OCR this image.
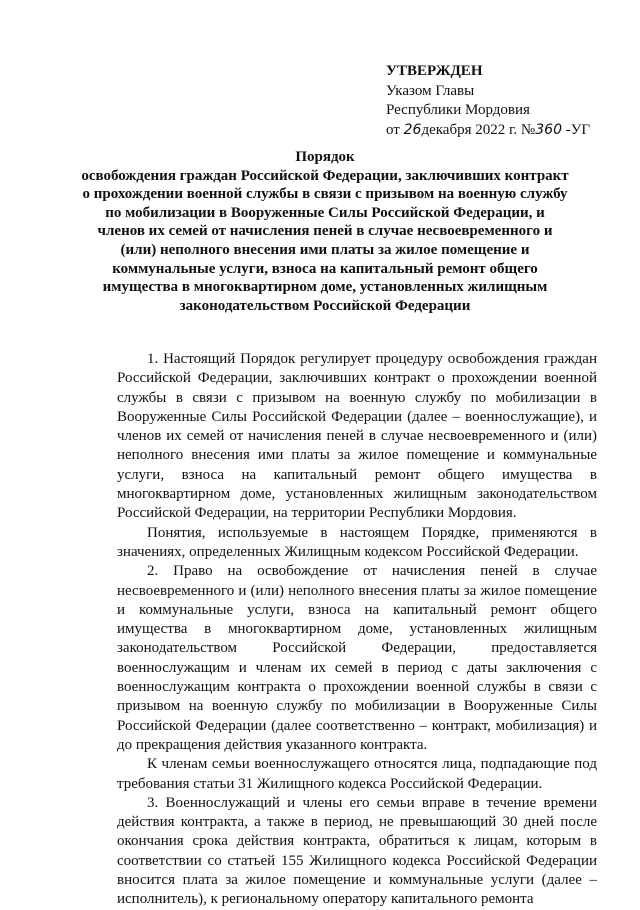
УТВЕРЖДЕН
Указом Главы
Республики Мордовия
от 26декабря 2022 г. №360 -УГ
Порядок
освобождения граждан Российской Федерации, заключивших контракт о прохождении военной службы в связи с призывом на военную службу по мобилизации в Вооруженные Силы Российской Федерации, и членов их семей от начисления пеней в случае несвоевременного и (или) неполного внесения ими платы за жилое помещение и коммунальные услуги, взноса на капитальный ремонт общего имущества в многоквартирном доме, установленных жилищным законодательством Российской Федерации

1. Настоящий Порядок регулирует процедуру освобождения граждан Российской Федерации, заключивших контракт о прохождении военной службы в связи с призывом на военную службу по мобилизации в Вооруженные Силы Российской Федерации (далее – военнослужащие), и членов их семей от начисления пеней в случае несвоевременного и (или) неполного внесения ими платы за жилое помещение и коммунальные услуги, взноса на капитальный ремонт общего имущества в многоквартирном доме, установленных жилищным законодательством Российской Федерации, на территории Республики Мордовия.

Понятия, используемые в настоящем Порядке, применяются в значениях, определенных Жилищным кодексом Российской Федерации.

2. Право на освобождение от начисления пеней в случае несвоевременного и (или) неполного внесения платы за жилое помещение и коммунальные услуги, взноса на капитальный ремонт общего имущества в многоквартирном доме, установленных жилищным законодательством Российской Федерации, предоставляется военнослужащим и членам их семей в период с даты заключения с военнослужащим контракта о прохождении военной службы в связи с призывом на военную службу по мобилизации в Вооруженные Силы Российской Федерации (далее соответственно – контракт, мобилизация) и до прекращения действия указанного контракта.

К членам семьи военнослужащего относятся лица, подпадающие под требования статьи 31 Жилищного кодекса Российской Федерации.

3. Военнослужащий и члены его семьи вправе в течение времени действия контракта, а также в период, не превышающий 30 дней после окончания срока действия контракта, обратиться к лицам, которым в соответствии со статьей 155 Жилищного кодекса Российской Федерации вносится плата за жилое помещение и коммунальные услуги (далее – исполнитель), к региональному оператору капитального ремонта
